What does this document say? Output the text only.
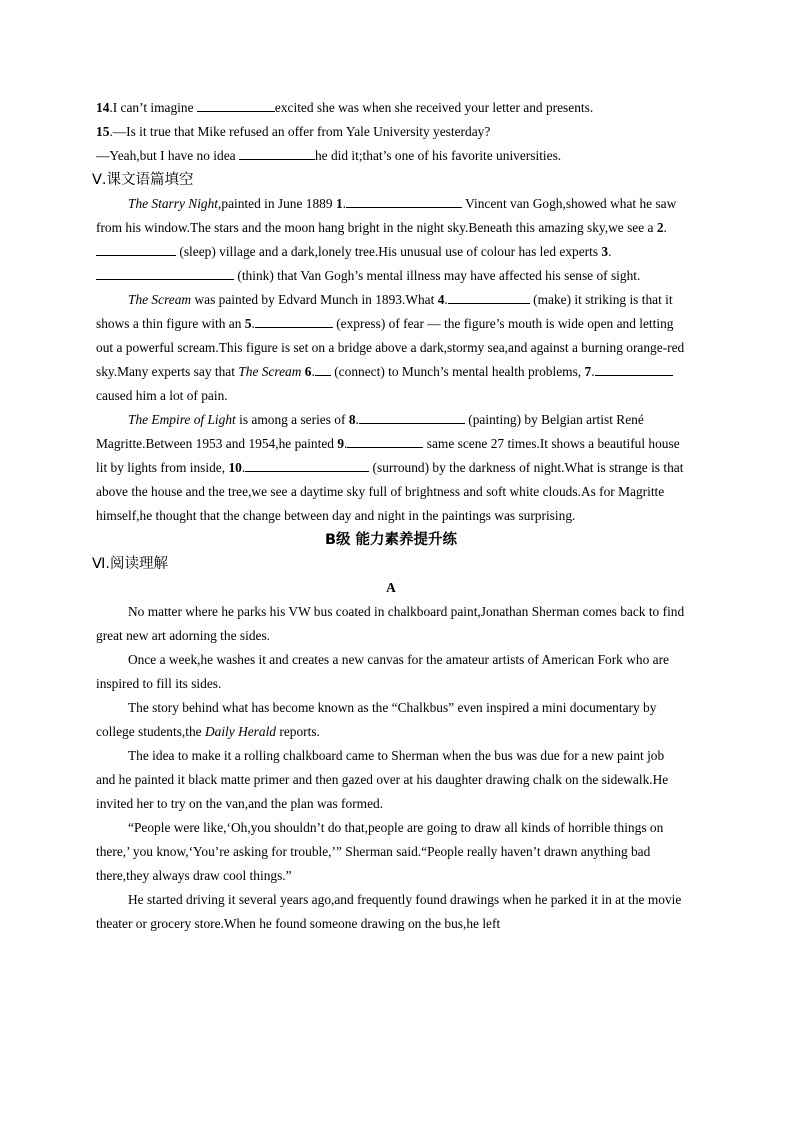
14.I can’t imagine	excited she was when she received your letter and presents.

15.—Is it true that Mike refused an offer from Yale University yesterday?
—Yeah,but I have no idea	he did it;that’s one of his favorite universities.

Ⅴ.课文语篇填空

The Starry Night,painted in June 1889 1.	Vincent van Gogh,showed what he saw from his window.The stars and the moon hang bright in the night sky.Beneath this amazing sky,we see a 2. (sleep) village and a dark,lonely tree.His unusual use of colour has led experts 3. (think) that Van Gogh’s mental illness may have affected his sense of sight.

The Scream was painted by Edvard Munch in 1893.What 4.	(make) it striking is that it shows a thin figure with an 5.	(express) of fear — the figure’s mouth is wide open and letting out a powerful scream.This figure is set on a bridge above a dark,stormy sea,and against a burning orange-red sky.Many experts say that The Scream 6. (connect) to Munch’s mental health problems, 7. caused him a lot of pain.

The Empire of Light is among a series of 8.	(painting) by Belgian artist René Magritte.Between 1953 and 1954,he painted 9.	same scene 27 times.It shows a beautiful house lit by lights from inside, 10.	(surround) by the darkness of night.What is strange is that above the house and the tree,we see a daytime sky full of brightness and soft white clouds.As for Magritte himself,he thought that the change between day and night in the paintings was surprising.

B级 能力素养提升练

Ⅵ.阅读理解

A

No matter where he parks his VW bus coated in chalkboard paint,Jonathan Sherman comes back to find great new art adorning the sides.

Once a week,he washes it and creates a new canvas for the amateur artists of American Fork who are inspired to fill its sides.

The story behind what has become known as the “Chalkbus” even inspired a mini documentary by college students,the Daily Herald reports.

The idea to make it a rolling chalkboard came to Sherman when the bus was due for a new paint job and he painted it black matte primer and then gazed over at his daughter drawing chalk on the sidewalk.He invited her to try on the van,and the plan was formed.

“People were like,‘Oh,you shouldn’t do that,people are going to draw all kinds of horrible things on there,’ you know,‘You’re asking for trouble,’” Sherman said.“People really haven’t drawn anything bad there,they always draw cool things.”

He started driving it several years ago,and frequently found drawings when he parked it in at the movie theater or grocery store.When he found someone drawing on the bus,he left
